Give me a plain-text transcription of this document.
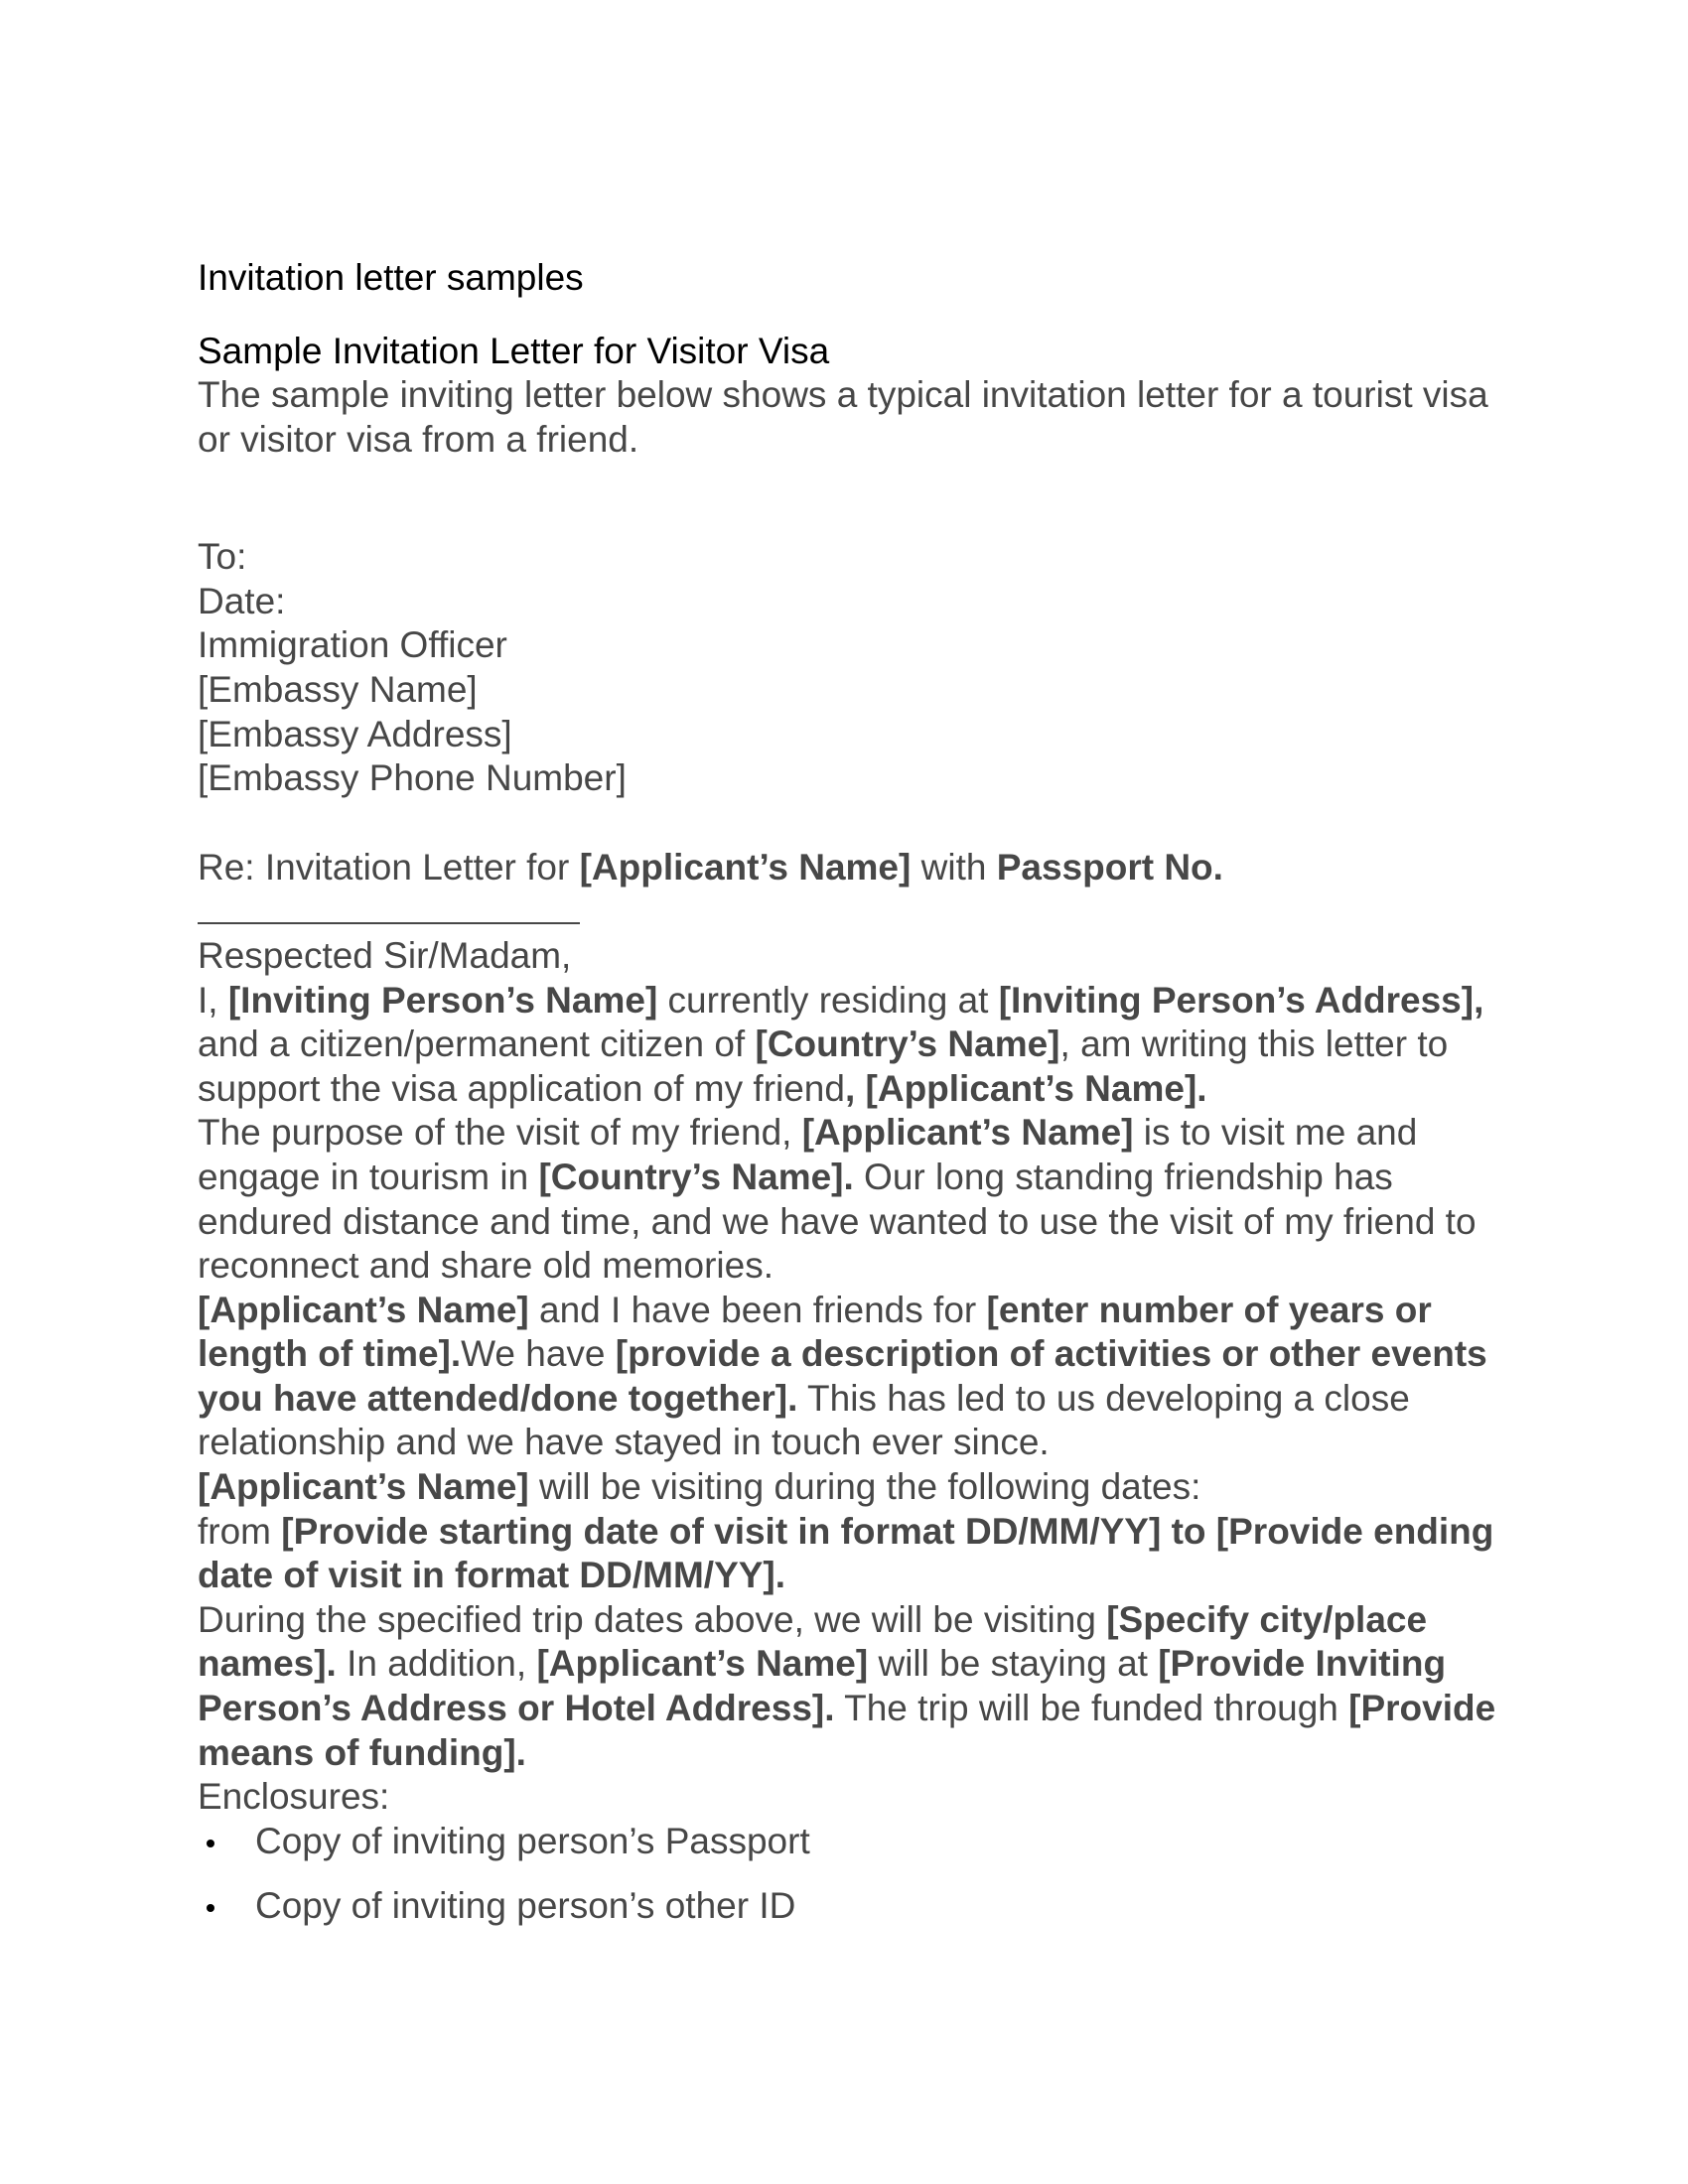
Invitation letter samples

Sample Invitation Letter for Visitor Visa

The sample inviting letter below shows a typical invitation letter for a tourist visa or visitor visa from a friend.

To:

Date:

Immigration Officer

[Embassy Name]

[Embassy Address]

[Embassy Phone Number]

Re: Invitation Letter for [Applicant’s Name] with Passport No.

Respected Sir/Madam,

I, [Inviting Person’s Name] currently residing at [Inviting Person’s Address], and a citizen/permanent citizen of [Country’s Name], am writing this letter to support the visa application of my friend, [Applicant’s Name].

The purpose of the visit of my friend, [Applicant’s Name] is to visit me and engage in tourism in [Country’s Name]. Our long standing friendship has endured distance and time, and we have wanted to use the visit of my friend to reconnect and share old memories.

[Applicant’s Name] and I have been friends for [enter number of years or length of time].We have [provide a description of activities or other events you have attended/done together]. This has led to us developing a close relationship and we have stayed in touch ever since.

[Applicant’s Name] will be visiting during the following dates:

from [Provide starting date of visit in format DD/MM/YY] to [Provide ending date of visit in format DD/MM/YY].

During the specified trip dates above, we will be visiting [Specify city/place names]. In addition, [Applicant’s Name] will be staying at [Provide Inviting Person’s Address or Hotel Address]. The trip will be funded through [Provide means of funding].

Enclosures:

Copy of inviting person’s Passport
Copy of inviting person’s other ID
